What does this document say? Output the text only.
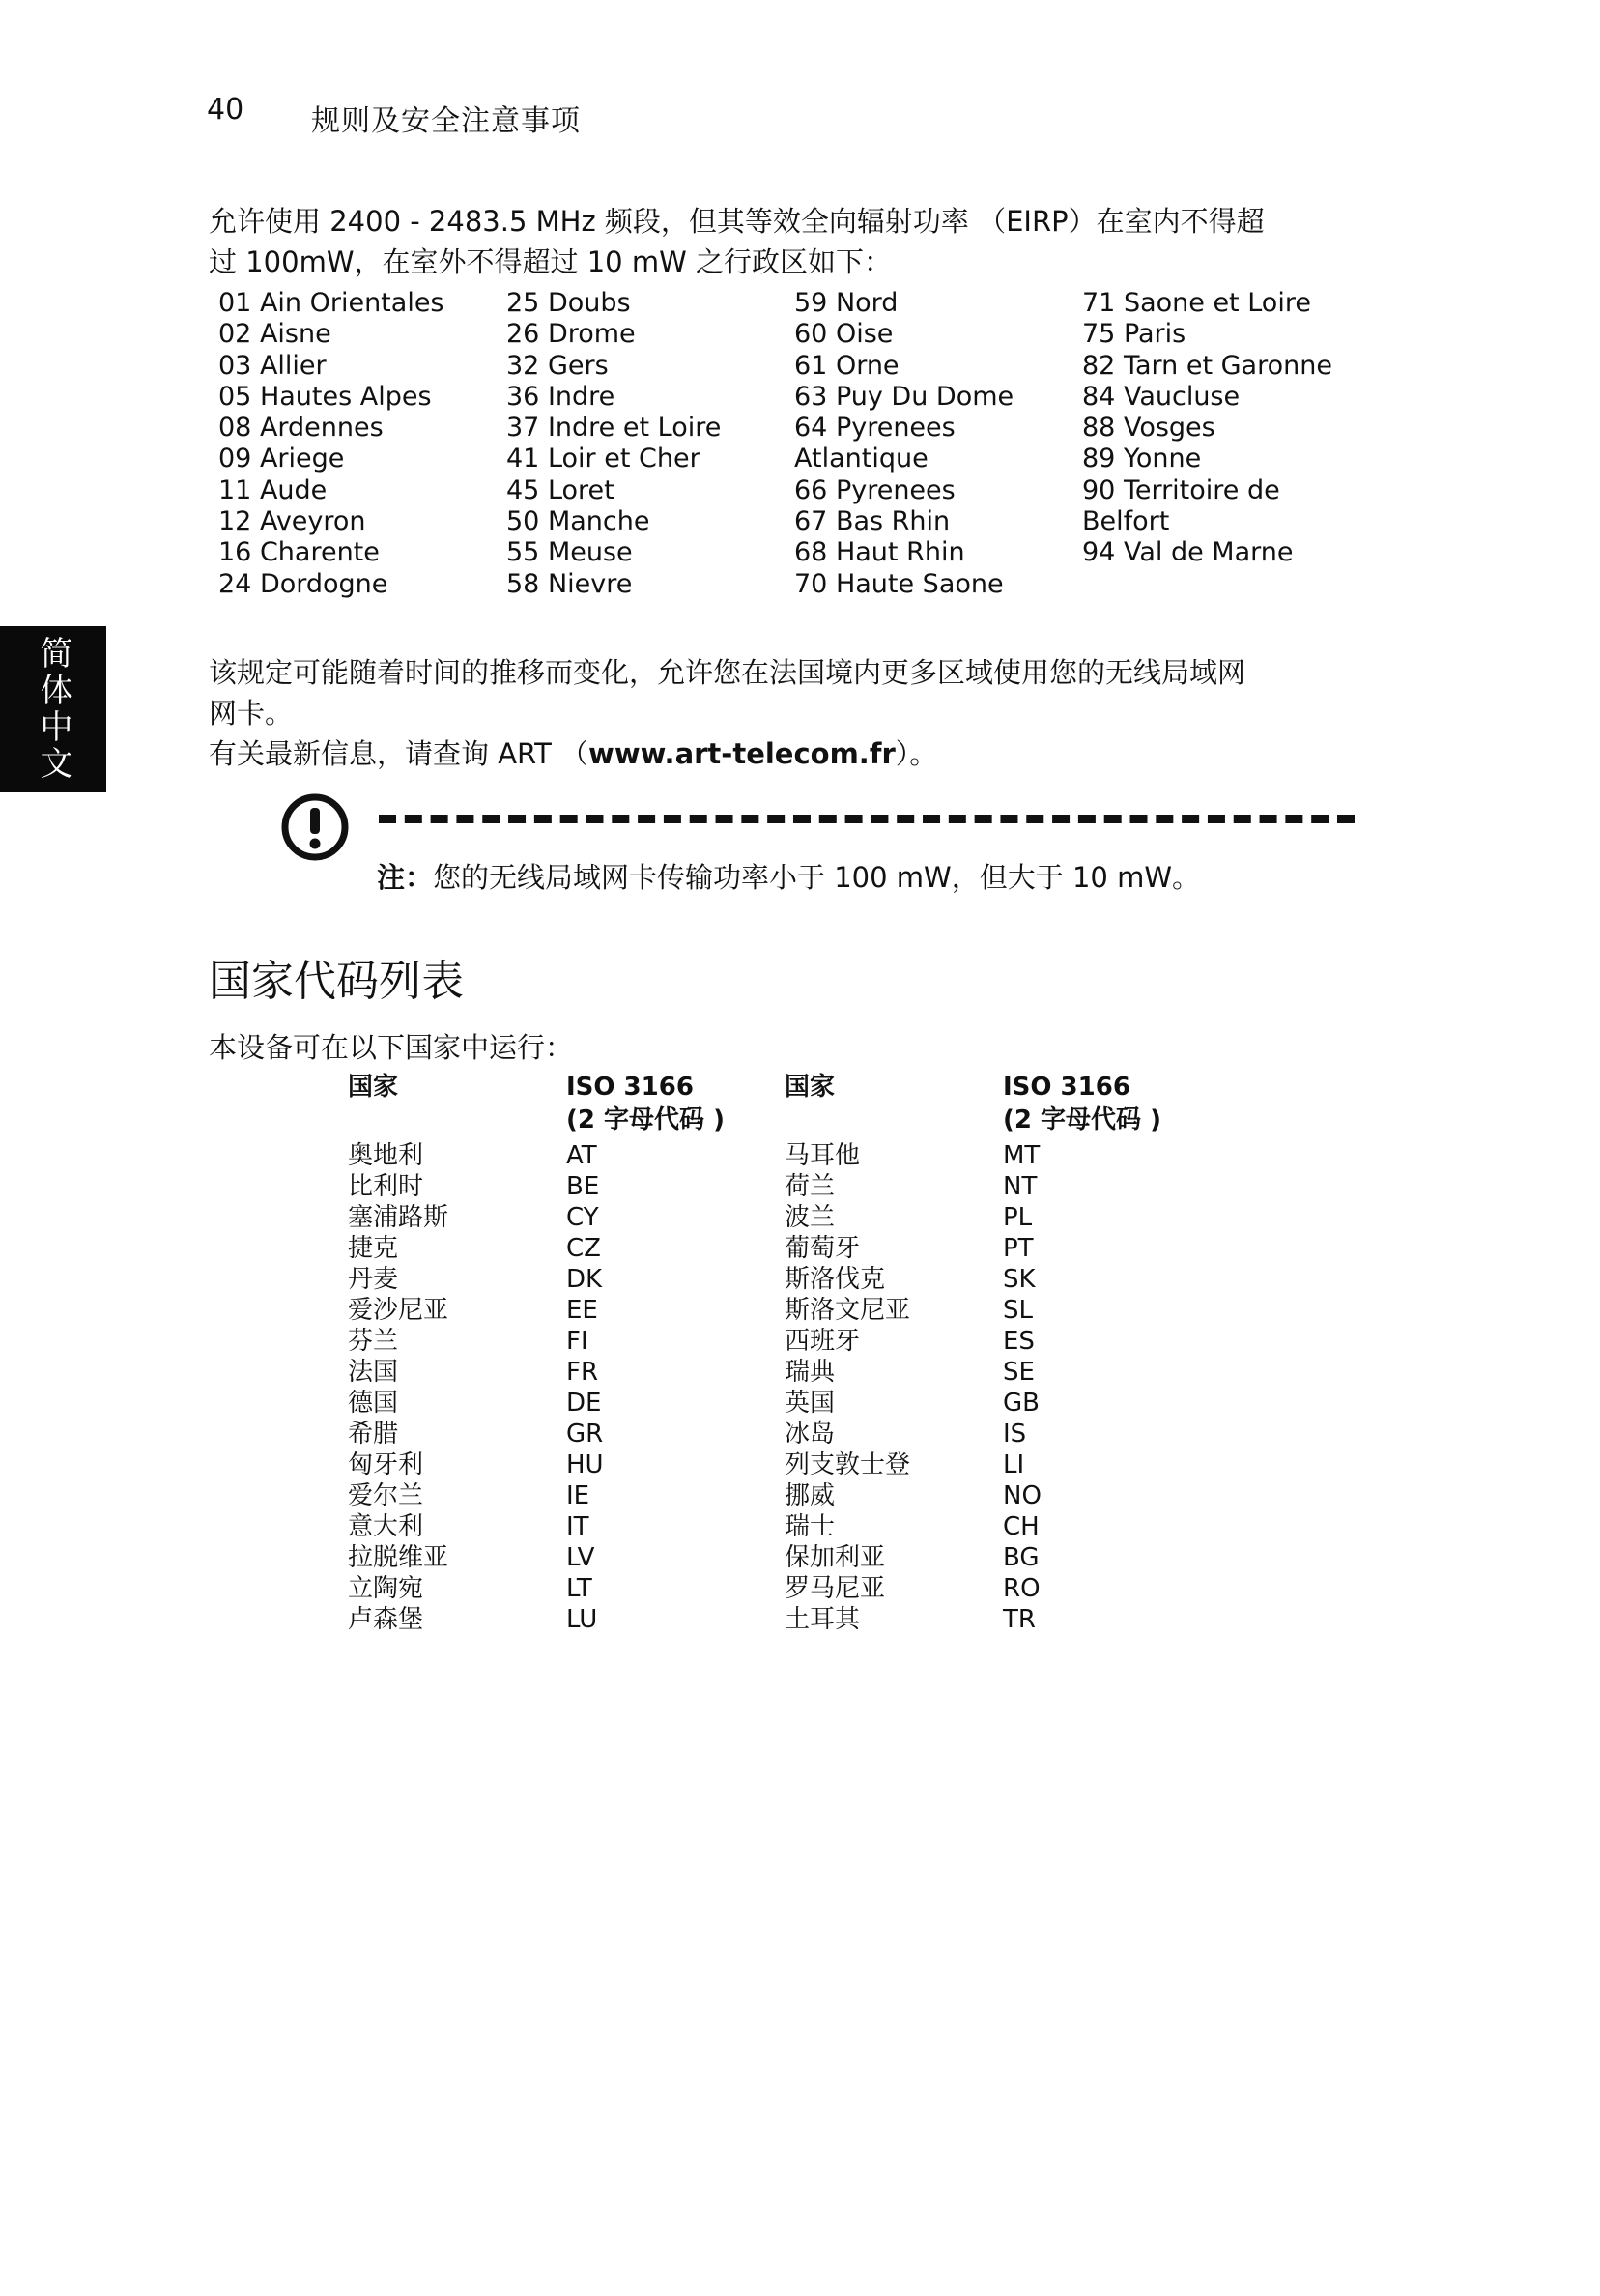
40 规则及安全注意事项
简体中文
允许使用 2400 - 2483.5 MHz 频段，但其等效全向辐射功率 （EIRP）在室内不得超
过 100mW，在室外不得超过 10 mW 之行政区如下：
01 Ain Orientales
02 Aisne
03 Allier
05 Hautes Alpes
08 Ardennes
09 Ariege
11 Aude
12 Aveyron
16 Charente
24 Dordogne
25 Doubs
26 Drome
32 Gers
36 Indre
37 Indre et Loire
41 Loir et Cher
45 Loret
50 Manche
55 Meuse
58 Nievre
59 Nord
60 Oise
61 Orne
63 Puy Du Dome
64 Pyrenees
Atlantique
66 Pyrenees
67 Bas Rhin
68 Haut Rhin
70 Haute Saone
71 Saone et Loire
75 Paris
82 Tarn et Garonne
84 Vaucluse
88 Vosges
89 Yonne
90 Territoire de
Belfort
94 Val de Marne
该规定可能随着时间的推移而变化，允许您在法国境内更多区域使用您的无线局域网
网卡。
有关最新信息，请查询 ART （www.art-telecom.fr）。
注：您的无线局域网卡传输功率小于 100 mW，但大于 10 mW。
国家代码列表
本设备可在以下国家中运行：
国家
奥地利
比利时
塞浦路斯
捷克
丹麦
爱沙尼亚
芬兰
法国
德国
希腊
匈牙利
爱尔兰
意大利
拉脱维亚
立陶宛
卢森堡
ISO 3166
(2 字母代码 )
AT
BE
CY
CZ
DK
EE
FI
FR
DE
GR
HU
IE
IT
LV
LT
LU
国家
马耳他
荷兰
波兰
葡萄牙
斯洛伐克
斯洛文尼亚
西班牙
瑞典
英国
冰岛
列支敦士登
挪威
瑞士
保加利亚
罗马尼亚
土耳其
ISO 3166
(2 字母代码 )
MT
NT
PL
PT
SK
SL
ES
SE
GB
IS
LI
NO
CH
BG
RO
TR
